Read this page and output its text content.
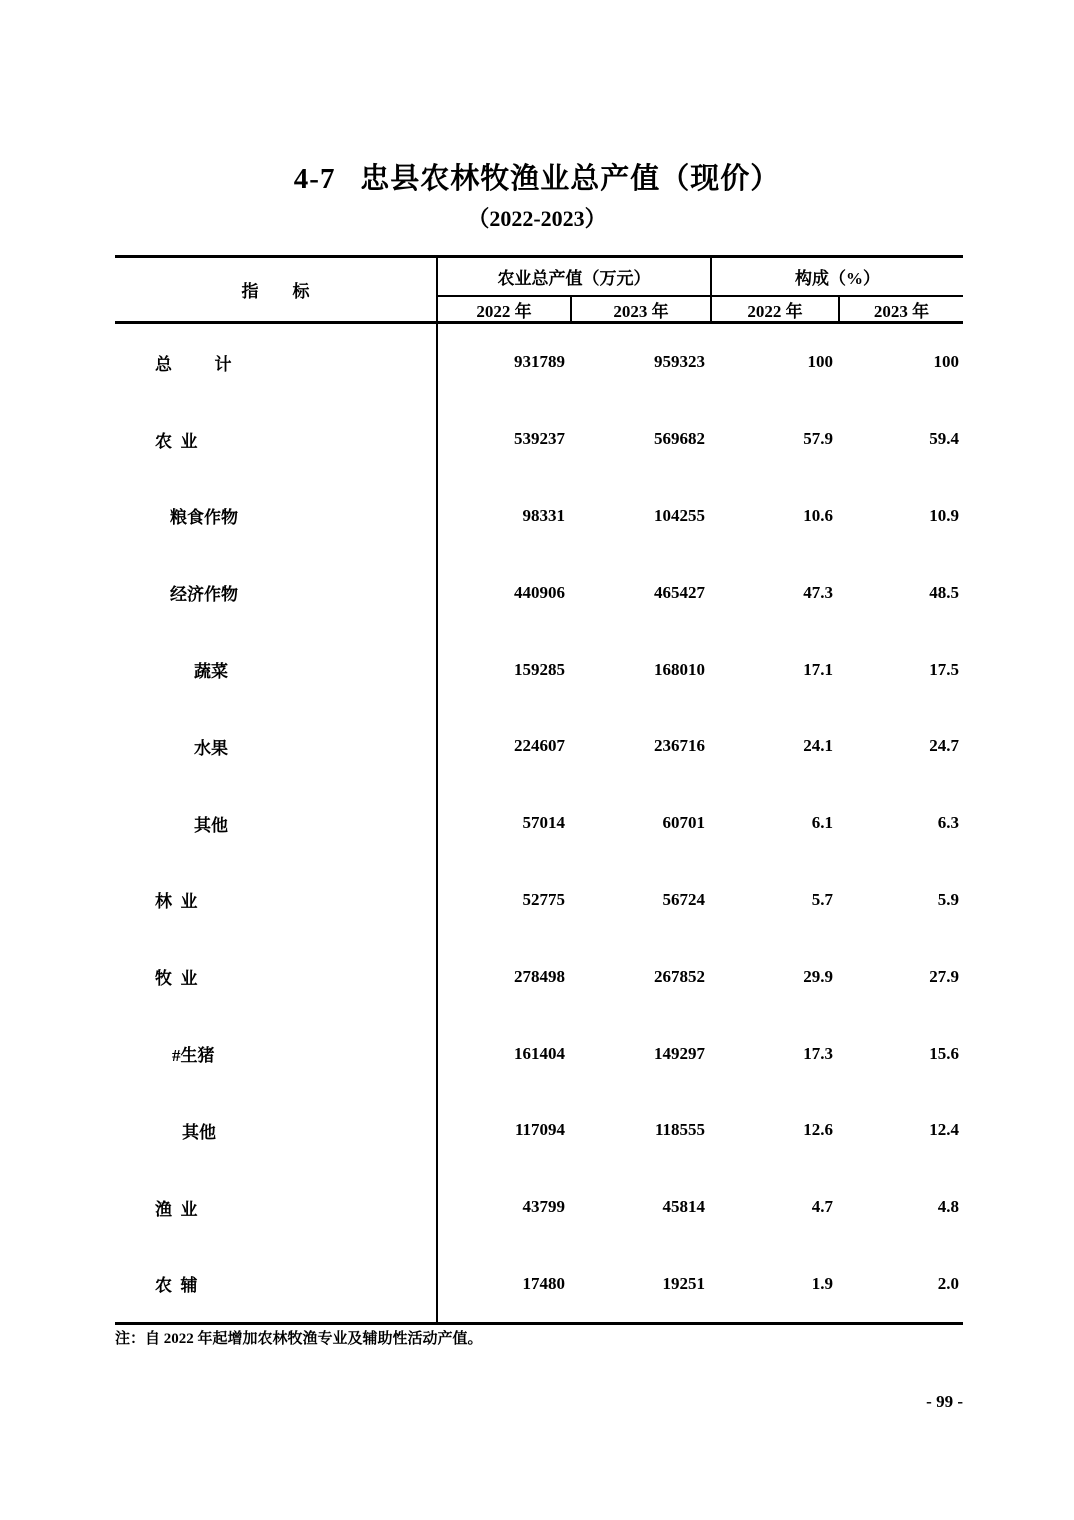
4-7   忠县农林牧渔业总产值（现价）
（2022-2023）
指        标
农业总产值（万元）	构成（%）
2022 年	2023 年	2022 年	2023 年
总          计	931789	959323	100	100
农  业	539237	569682	57.9	59.4
粮食作物	98331	104255	10.6	10.9
经济作物	440906	465427	47.3	48.5
蔬菜	159285	168010	17.1	17.5
水果	224607	236716	24.1	24.7
其他	57014	60701	6.1	6.3
林  业	52775	56724	5.7	5.9
牧  业	278498	267852	29.9	27.9
#生猪	161404	149297	17.3	15.6
其他	117094	118555	12.6	12.4
渔  业	43799	45814	4.7	4.8
农  辅	17480	19251	1.9	2.0
注：自 2022 年起增加农林牧渔专业及辅助性活动产值。
- 99 -
